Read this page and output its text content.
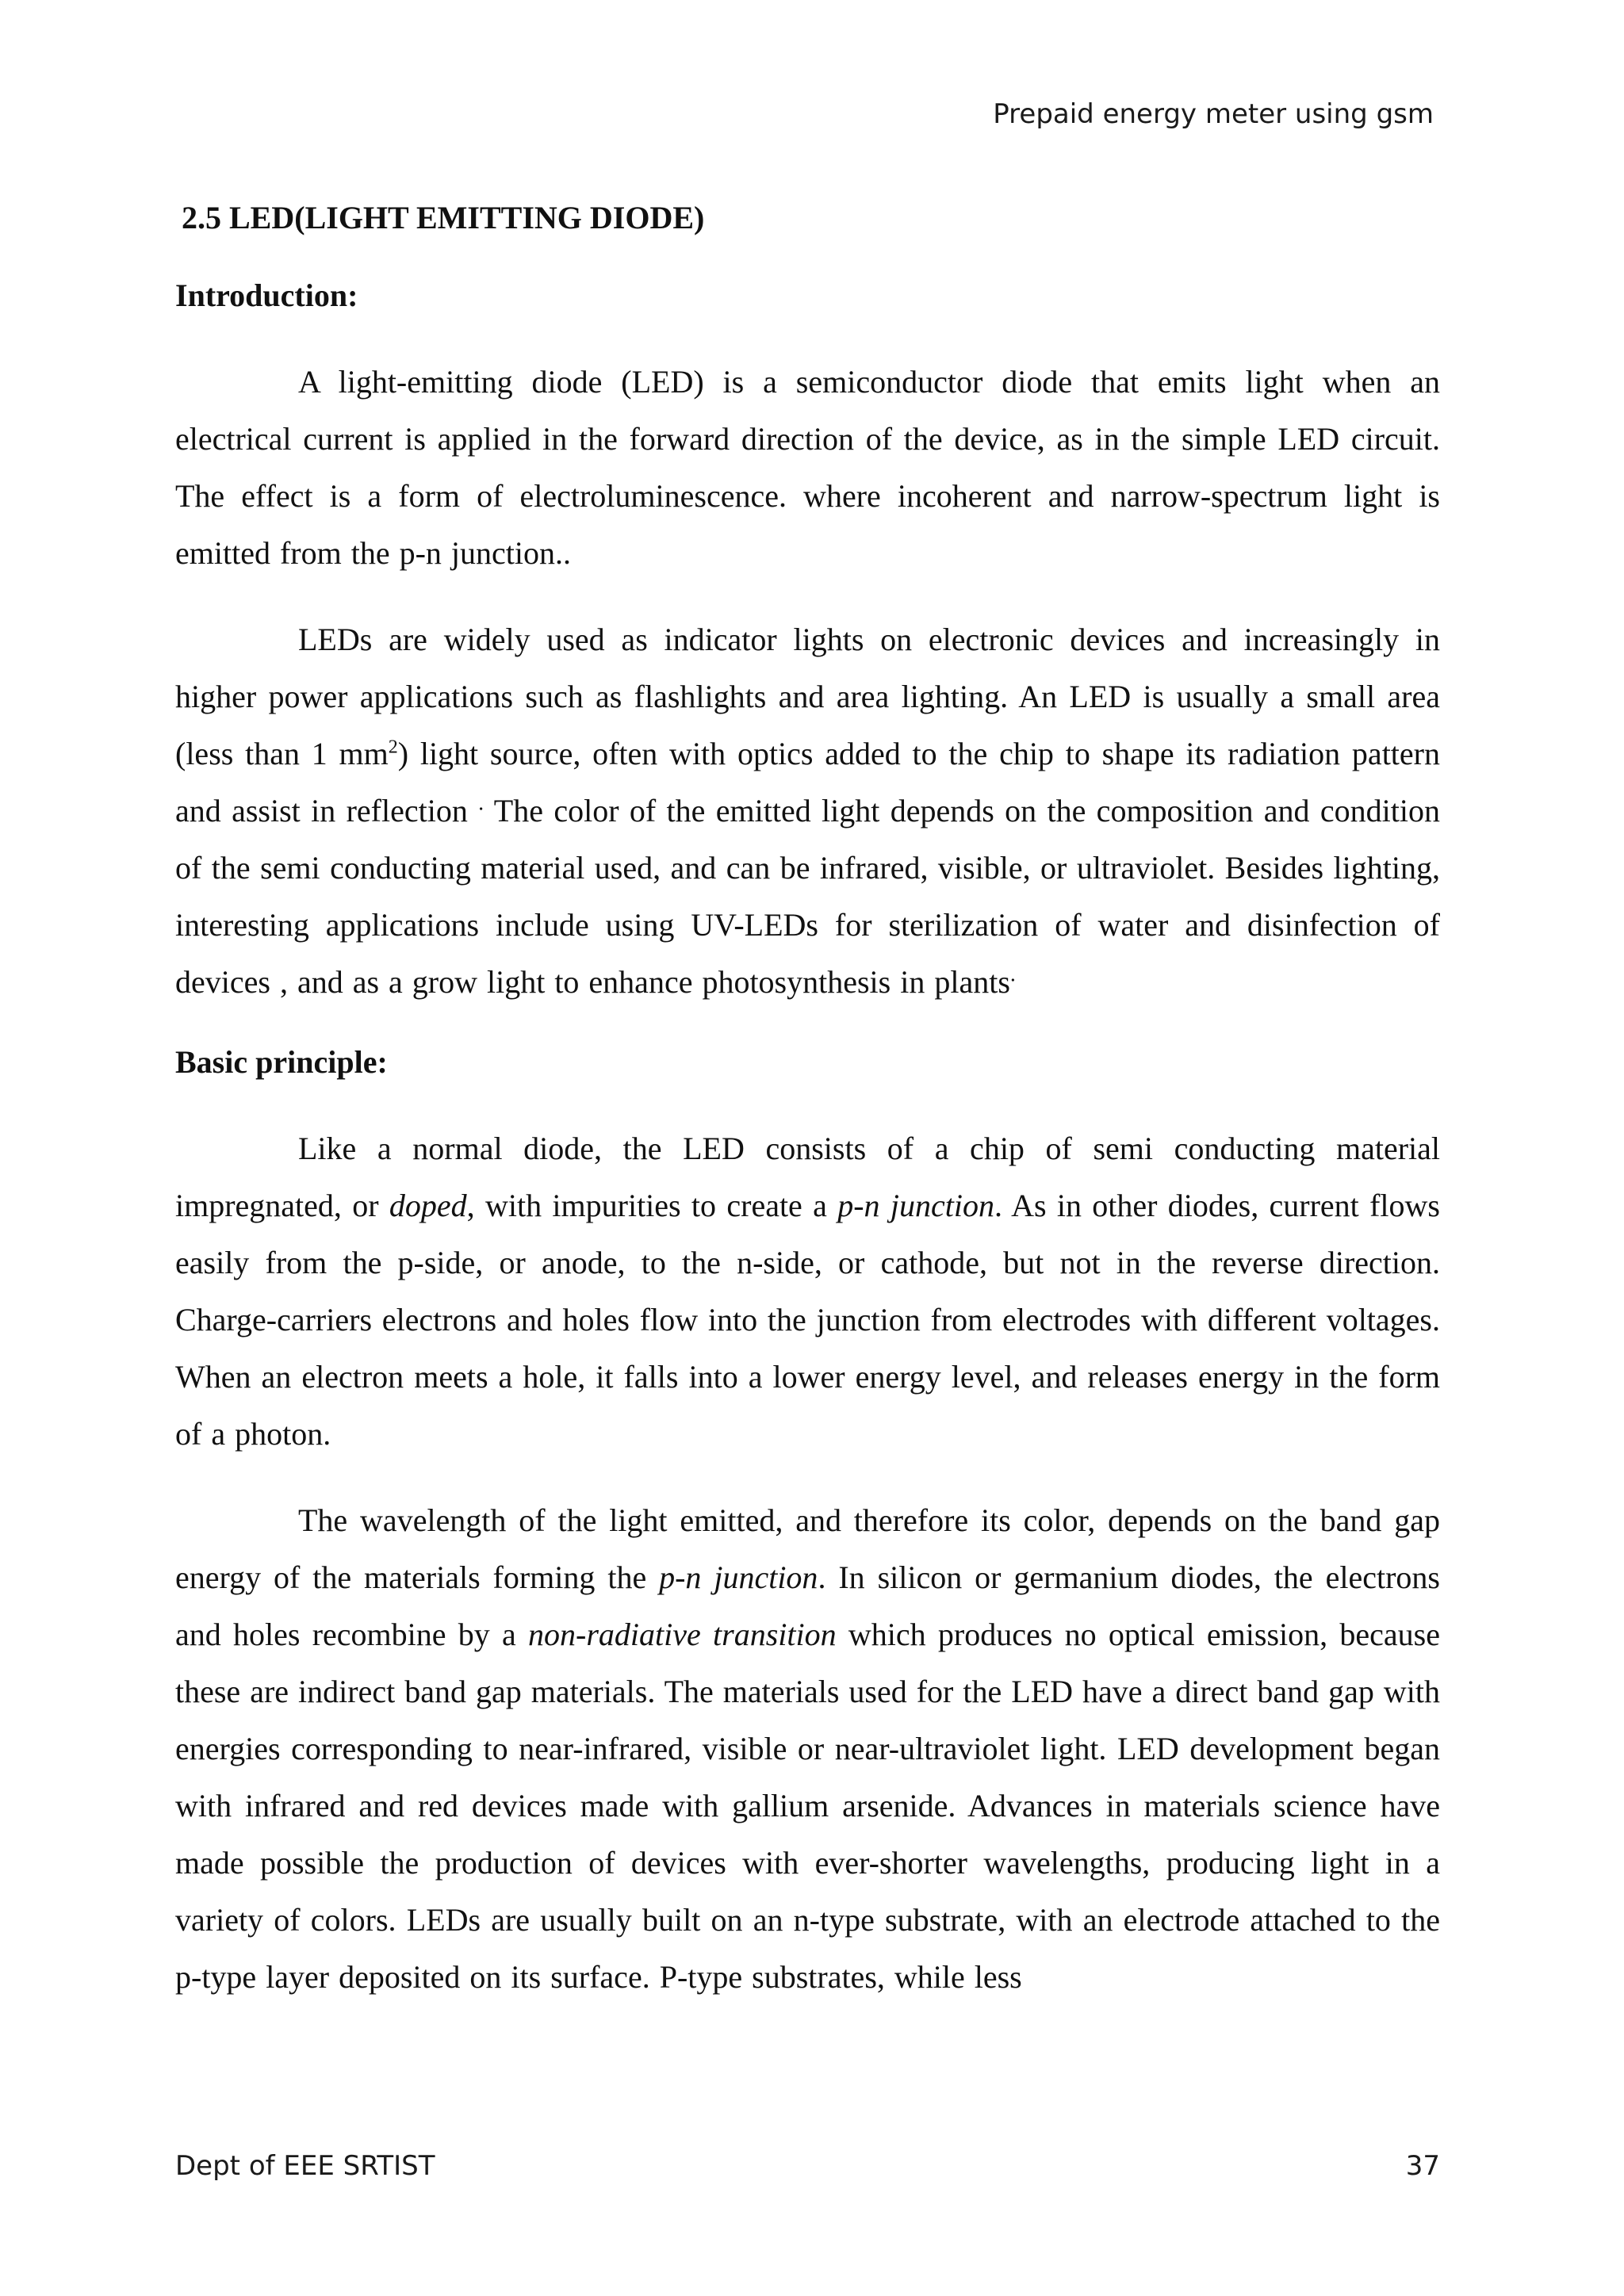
Prepaid energy meter using gsm
2.5 LED(LIGHT EMITTING DIODE)
Introduction:

A light-emitting diode (LED) is a semiconductor diode that emits light when an electrical current is applied in the forward direction of the device, as in the simple LED circuit. The effect is a form of electroluminescence. where incoherent and narrow-spectrum light is emitted from the p-n junction..

LEDs are widely used as indicator lights on electronic devices and increasingly in higher power applications such as flashlights and area lighting. An LED is usually a small area (less than 1 $mm^2$) light source, often with optics added to the chip to shape its radiation pattern and assist in reflection . The color of the emitted light depends on the composition and condition of the semi conducting material used, and can be infrared, visible, or ultraviolet. Besides lighting, interesting applications include using UV-LEDs for sterilization of water and disinfection of devices , and as a grow light to enhance photosynthesis in plants.

Basic principle:

Like a normal diode, the LED consists of a chip of semi conducting material impregnated, or doped, with impurities to create a p-n junction. As in other diodes, current flows easily from the p-side, or anode, to the n-side, or cathode, but not in the reverse direction. Charge-carriers electrons and holes flow into the junction from electrodes with different voltages. When an electron meets a hole, it falls into a lower energy level, and releases energy in the form of a photon.

The wavelength of the light emitted, and therefore its color, depends on the band gap energy of the materials forming the p-n junction. In silicon or germanium diodes, the electrons and holes recombine by a non-radiative transition which produces no optical emission, because these are indirect band gap materials. The materials used for the LED have a direct band gap with energies corresponding to near-infrared, visible or near-ultraviolet light. LED development began with infrared and red devices made with gallium arsenide. Advances in materials science have made possible the production of devices with ever-shorter wavelengths, producing light in a variety of colors. LEDs are usually built on an n-type substrate, with an electrode attached to the p-type layer deposited on its surface. P-type substrates, while less

Dept of EEE SRTIST	37
